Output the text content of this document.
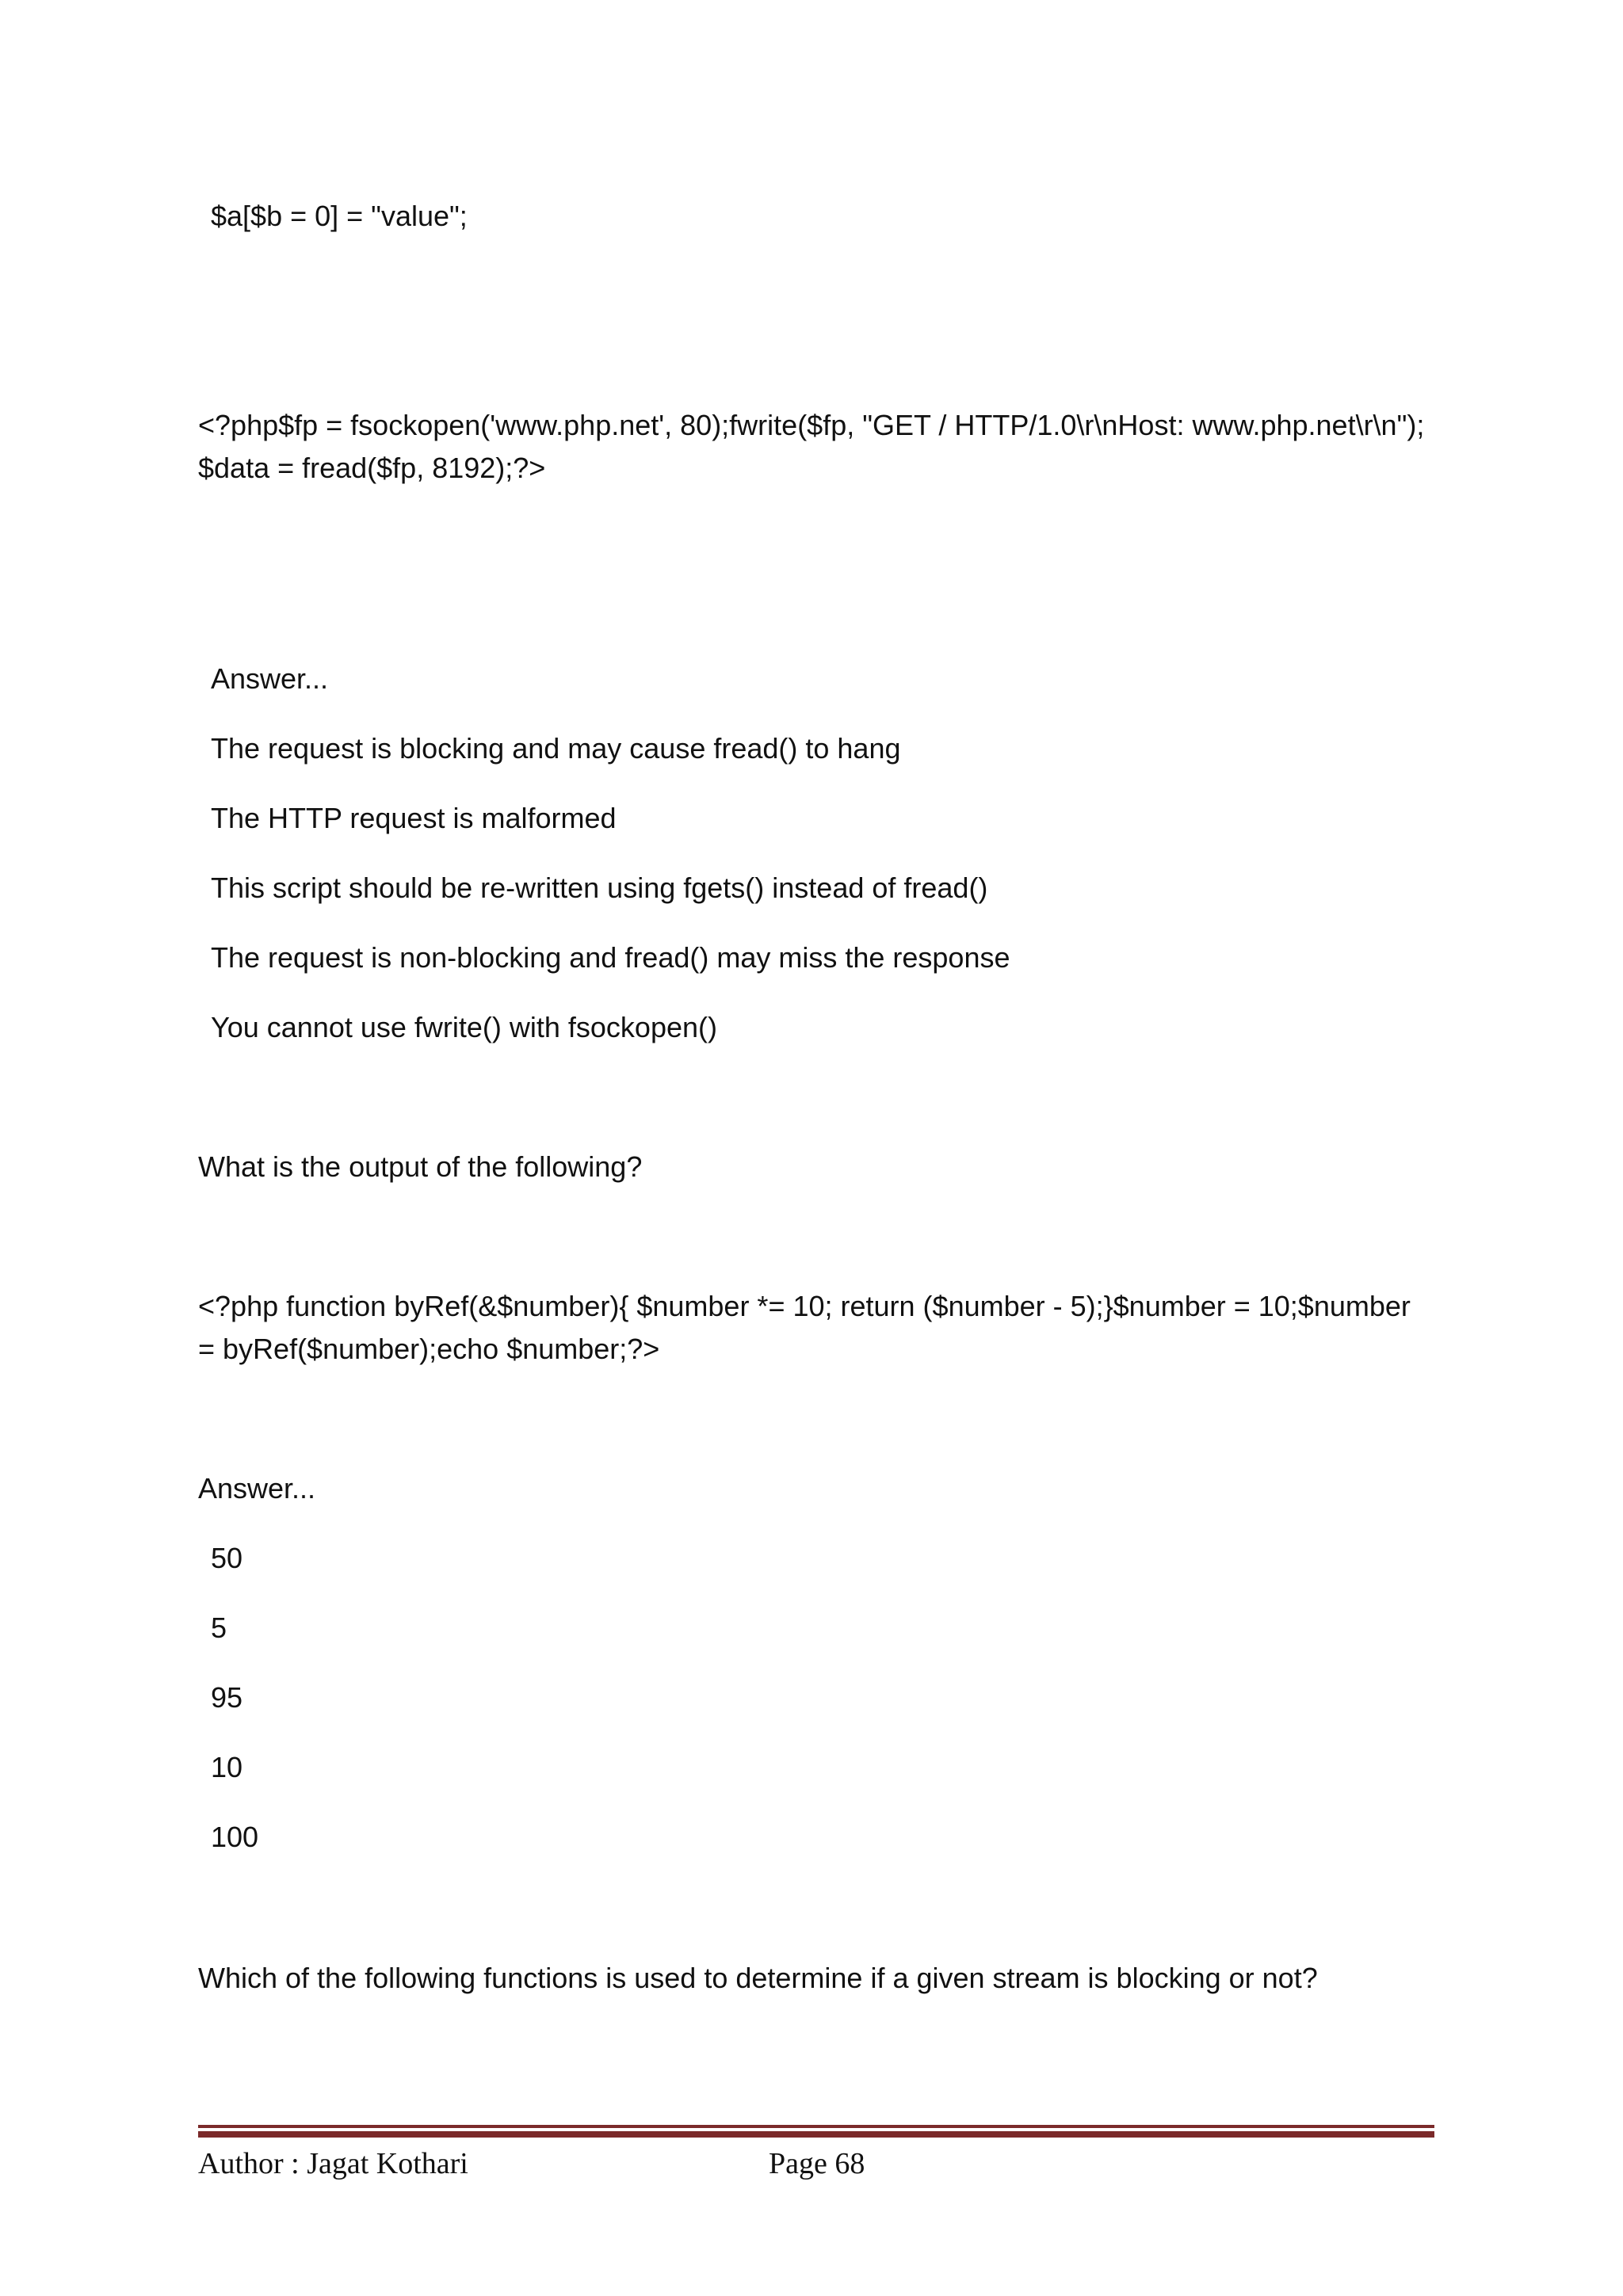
$a[$b = 0] = "value";
<?php$fp = fsockopen('www.php.net', 80);fwrite($fp, "GET / HTTP/1.0\r\nHost: www.php.net\r\n"); $data = fread($fp, 8192);?>
Answer...
The request is blocking and may cause fread() to hang
The HTTP request is malformed
This script should be re-written using fgets() instead of fread()
The request is non-blocking and fread() may miss the response
You cannot use fwrite() with fsockopen()
What is the output of the following?
<?php function byRef(&$number){ $number *= 10; return ($number - 5);}$number = 10;$number = byRef($number);echo $number;?>
Answer...
50
5
95
10
100
Which of the following functions is used to determine if a given stream is blocking or not?
Author : Jagat Kothari	Page 68
